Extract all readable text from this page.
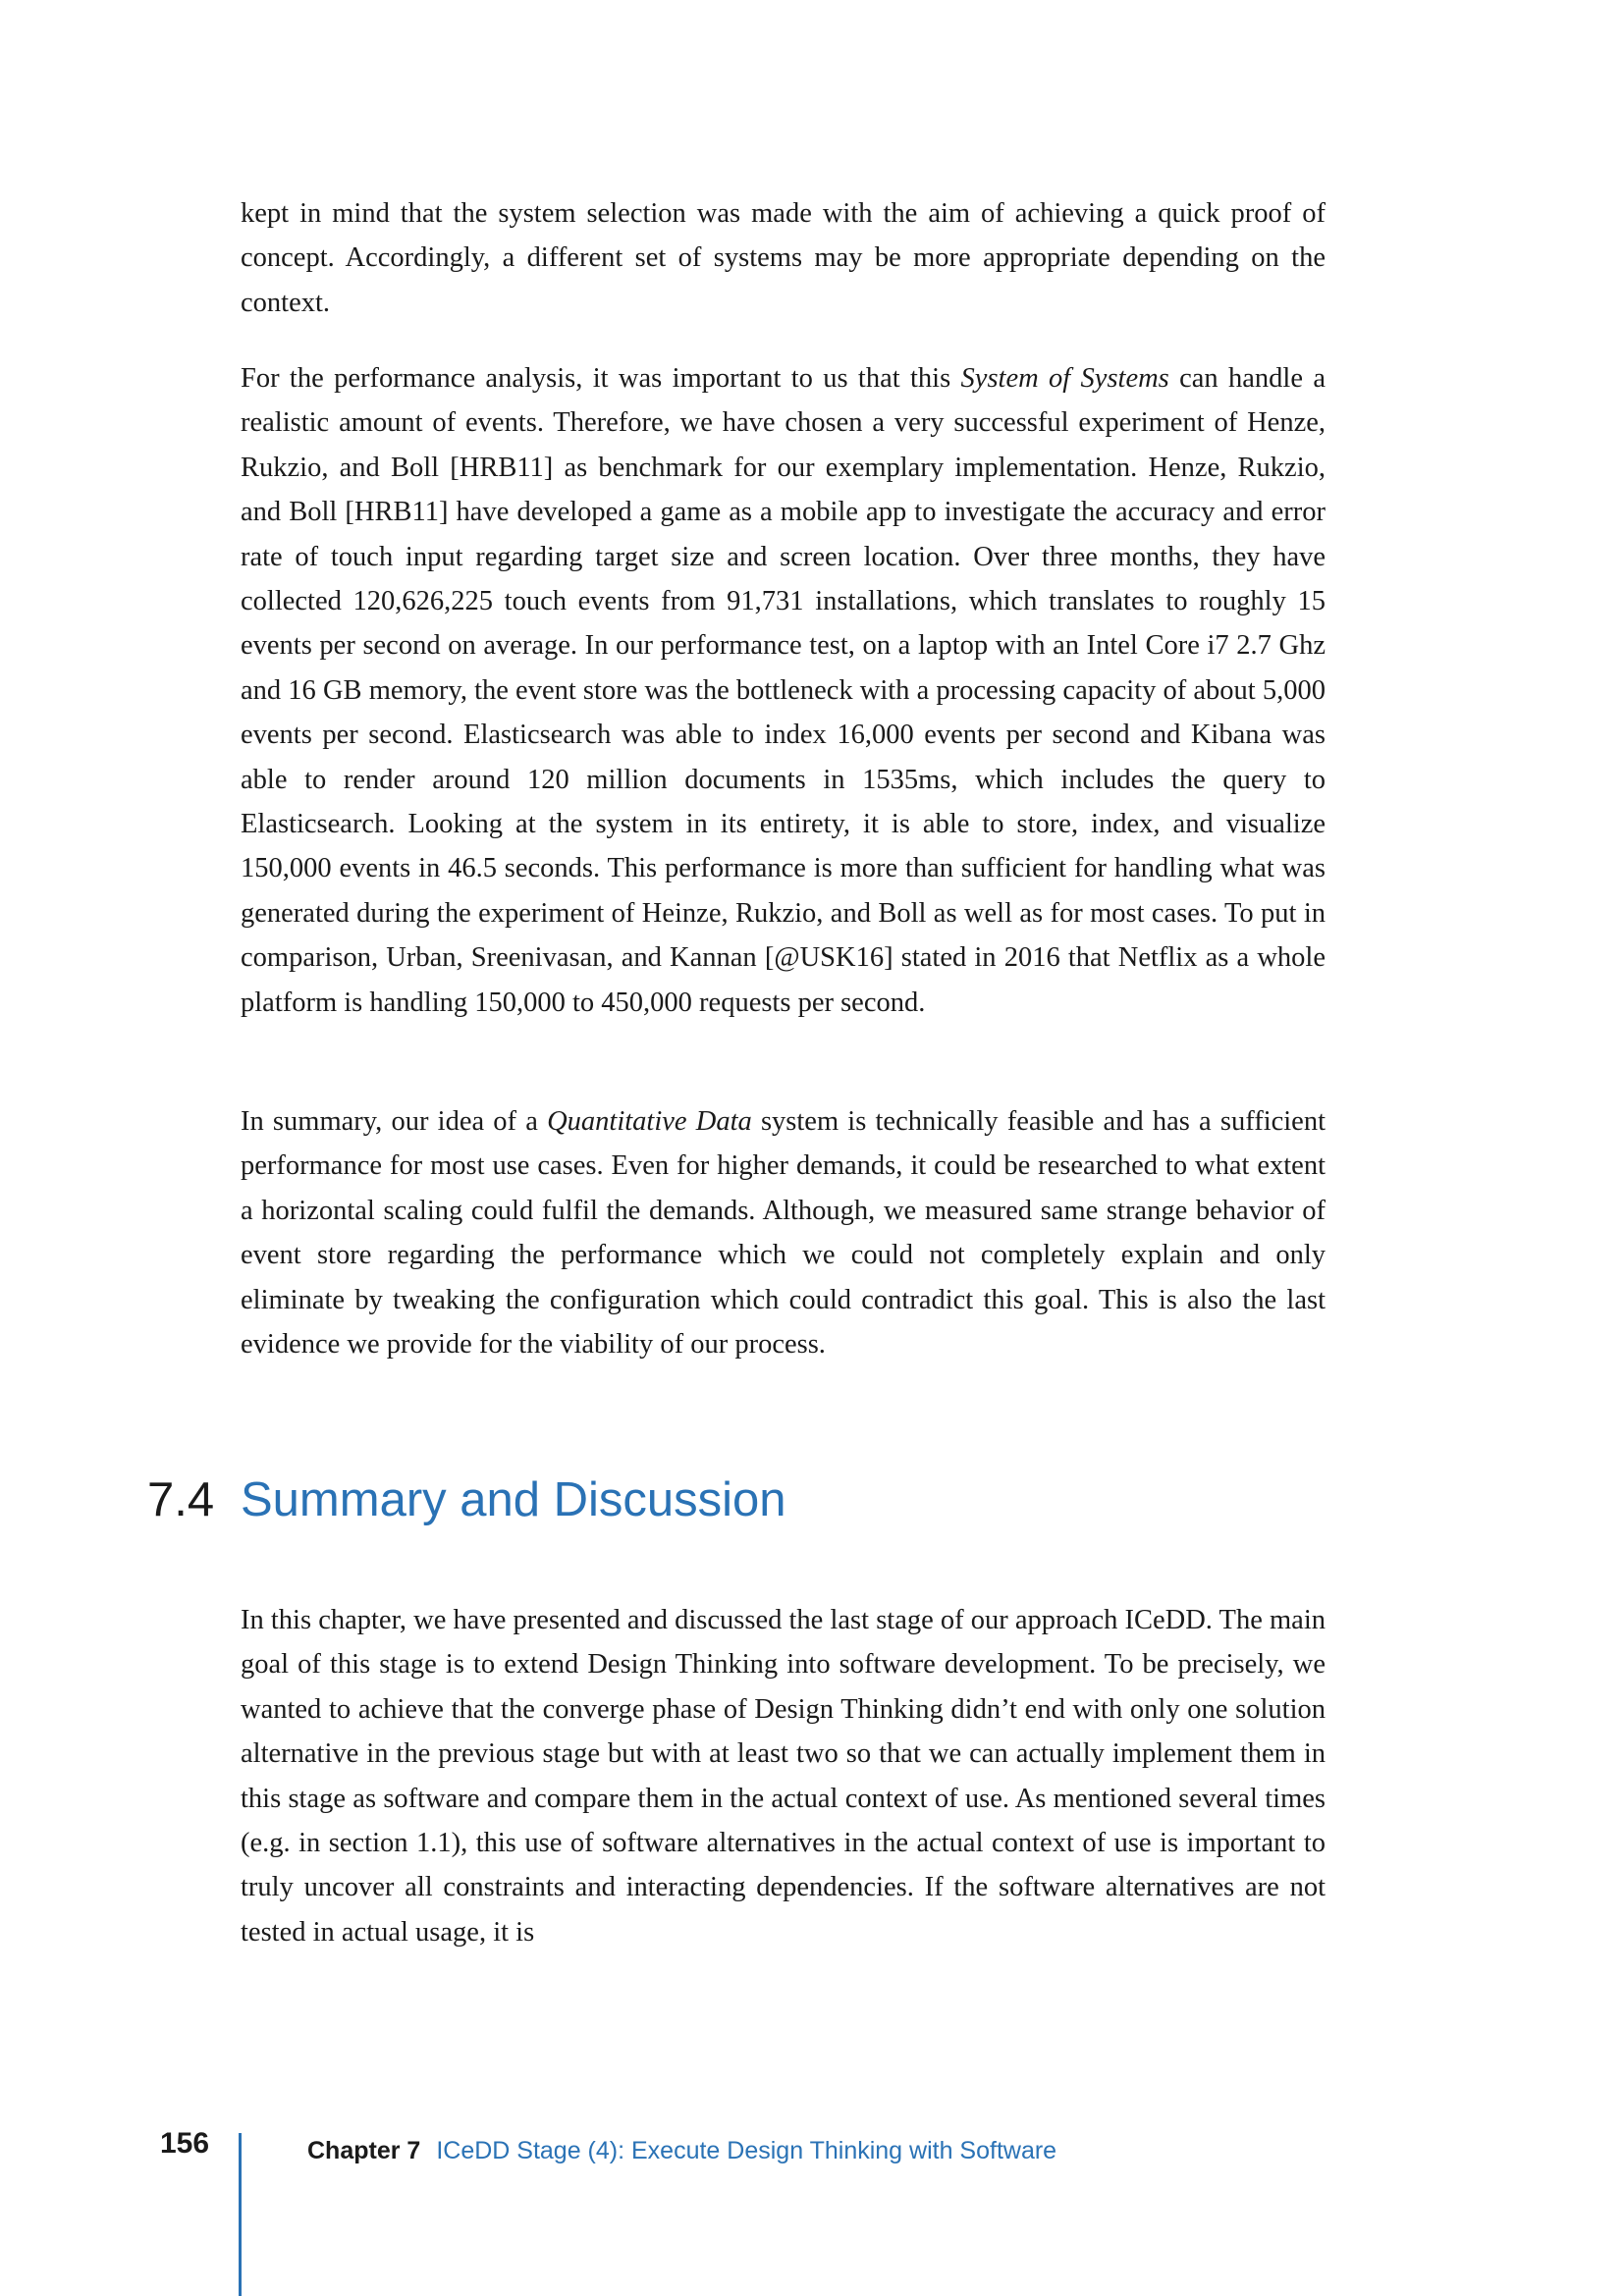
kept in mind that the system selection was made with the aim of achieving a quick proof of concept. Accordingly, a different set of systems may be more appropriate depending on the context.

For the performance analysis, it was important to us that this System of Systems can handle a realistic amount of events. Therefore, we have chosen a very successful experiment of Henze, Rukzio, and Boll [HRB11] as benchmark for our exemplary implementation. Henze, Rukzio, and Boll [HRB11] have developed a game as a mobile app to investigate the accuracy and error rate of touch input regarding target size and screen location. Over three months, they have collected 120,626,225 touch events from 91,731 installations, which translates to roughly 15 events per second on average. In our performance test, on a laptop with an Intel Core i7 2.7 Ghz and 16 GB memory, the event store was the bottleneck with a processing capacity of about 5,000 events per second. Elasticsearch was able to index 16,000 events per second and Kibana was able to render around 120 million documents in 1535ms, which includes the query to Elasticsearch. Looking at the system in its entirety, it is able to store, index, and visualize 150,000 events in 46.5 seconds. This performance is more than sufficient for handling what was generated during the experiment of Heinze, Rukzio, and Boll as well as for most cases. To put in comparison, Urban, Sreenivasan, and Kannan [@USK16] stated in 2016 that Netflix as a whole platform is handling 150,000 to 450,000 requests per second.

In summary, our idea of a Quantitative Data system is technically feasible and has a sufficient performance for most use cases. Even for higher demands, it could be researched to what extent a horizontal scaling could fulfil the demands. Although, we measured same strange behavior of event store regarding the performance which we could not completely explain and only eliminate by tweaking the configuration which could contradict this goal. This is also the last evidence we provide for the viability of our process.

7.4 Summary and Discussion

In this chapter, we have presented and discussed the last stage of our approach ICeDD. The main goal of this stage is to extend Design Thinking into software development. To be precisely, we wanted to achieve that the converge phase of Design Thinking didn’t end with only one solution alternative in the previous stage but with at least two so that we can actually implement them in this stage as software and compare them in the actual context of use. As mentioned several times (e.g. in section 1.1), this use of software alternatives in the actual context of use is important to truly uncover all constraints and interacting dependencies. If the software alternatives are not tested in actual usage, it is

156	Chapter 7 ICeDD Stage (4): Execute Design Thinking with Software
